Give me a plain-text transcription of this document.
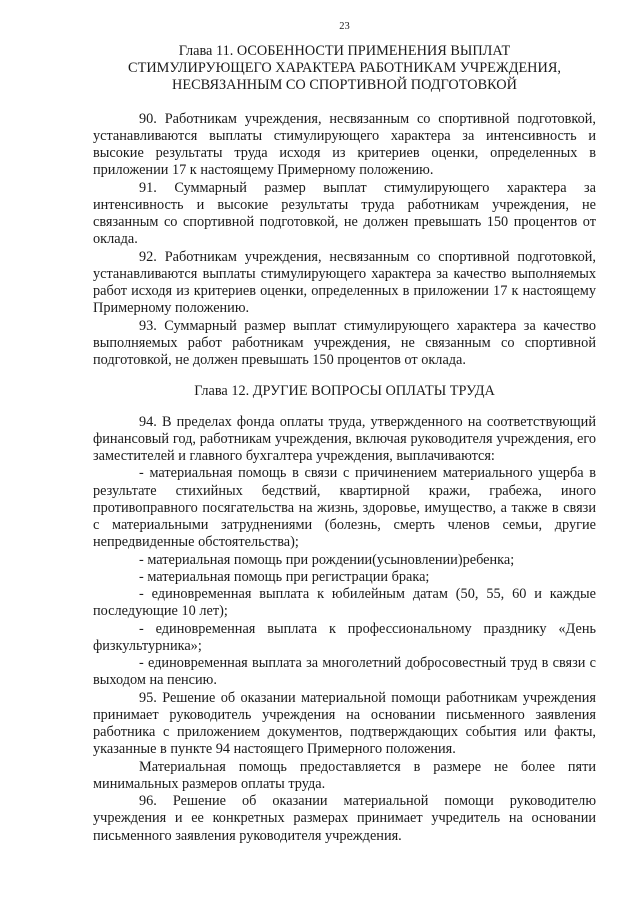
23
Глава 11. ОСОБЕННОСТИ ПРИМЕНЕНИЯ ВЫПЛАТ
СТИМУЛИРУЮЩЕГО ХАРАКТЕРА РАБОТНИКАМ УЧРЕЖДЕНИЯ,
НЕСВЯЗАННЫМ СО СПОРТИВНОЙ ПОДГОТОВКОЙ

90. Работникам учреждения, несвязанным со спортивной подготовкой, устанавливаются выплаты стимулирующего характера за интенсивность и высокие результаты труда исходя из критериев оценки, определенных в приложении 17 к настоящему Примерному положению.

91. Суммарный размер выплат стимулирующего характера за интенсивность и высокие результаты труда работникам учреждения, не связанным со спортивной подготовкой, не должен превышать 150 процентов от оклада.

92. Работникам учреждения, несвязанным со спортивной подготовкой, устанавливаются выплаты стимулирующего характера за качество выполняемых работ исходя из критериев оценки, определенных в приложении 17 к настоящему Примерному положению.

93. Суммарный размер выплат стимулирующего характера за качество выполняемых работ работникам учреждения, не связанным со спортивной подготовкой, не должен превышать 150 процентов от оклада.

Глава 12. ДРУГИЕ ВОПРОСЫ ОПЛАТЫ ТРУДА

94. В пределах фонда оплаты труда, утвержденного на соответствующий финансовый год, работникам учреждения, включая руководителя учреждения, его заместителей и главного бухгалтера учреждения, выплачиваются:

- материальная помощь в связи с причинением материального ущерба в результате стихийных бедствий, квартирной кражи, грабежа, иного противоправного посягательства на жизнь, здоровье, имущество, а также в связи с материальными затруднениями (болезнь, смерть членов семьи, другие непредвиденные обстоятельства);

- материальная помощь при рождении(усыновлении)ребенка;

- материальная помощь при регистрации брака;

- единовременная выплата к юбилейным датам (50, 55, 60 и каждые последующие 10 лет);

- единовременная выплата к профессиональному празднику «День физкультурника»;

- единовременная выплата за многолетний добросовестный труд в связи с выходом на пенсию.

95. Решение об оказании материальной помощи работникам учреждения принимает руководитель учреждения на основании письменного заявления работника с приложением документов, подтверждающих события или факты, указанные в пункте 94 настоящего Примерного положения.

Материальная помощь предоставляется в размере не более пяти минимальных размеров оплаты труда.

96. Решение об оказании материальной помощи руководителю учреждения и ее конкретных размерах принимает учредитель на основании письменного заявления руководителя учреждения.
